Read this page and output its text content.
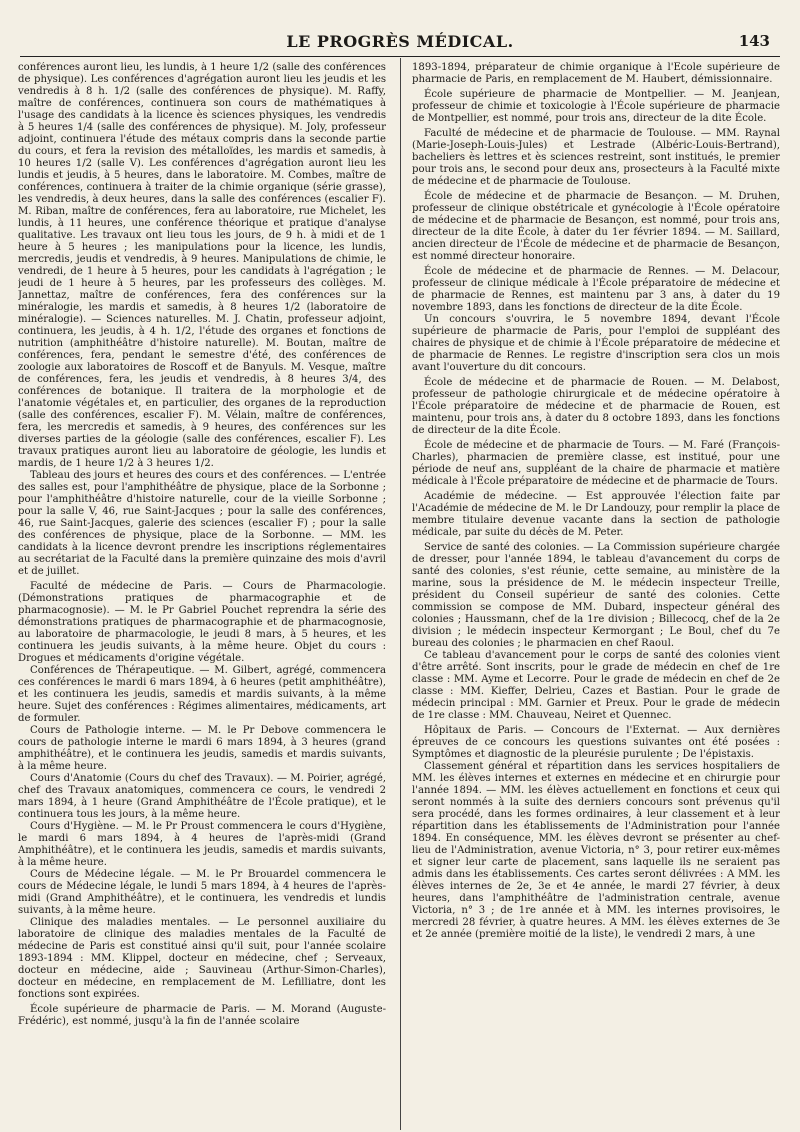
LE PROGRÈS MÉDICAL.	143

conférences auront lieu, les lundis, à 1 heure 1/2 (salle des conférences de physique). Les conférences d'agrégation auront lieu les jeudis et les vendredis à 8 h. 1/2 (salle des conférences de physique). M. Raffy, maître de conférences, continuera son cours de mathématiques à l'usage des candidats à la licence ès sciences physiques, les vendredis à 5 heures 1/4 (salle des conférences de physique). M. Joly, professeur adjoint, continuera l'étude des métaux compris dans la seconde partie du cours, et fera la revision des métalloïdes, les mardis et samedis, à 10 heures 1/2 (salle V). Les conférences d'agrégation auront lieu les lundis et jeudis, à 5 heures, dans le laboratoire. M. Combes, maître de conférences, continuera à traiter de la chimie organique (série grasse), les vendredis, à deux heures, dans la salle des conférences (escalier F). M. Riban, maître de conférences, fera au laboratoire, rue Michelet, les lundis, à 11 heures, une conférence théorique et pratique d'analyse qualitative. Les travaux ont lieu tous les jours, de 9 h. à midi et de 1 heure à 5 heures ; les manipulations pour la licence, les lundis, mercredis, jeudis et vendredis, à 9 heures. Manipulations de chimie, le vendredi, de 1 heure à 5 heures, pour les candidats à l'agrégation ; le jeudi de 1 heure à 5 heures, par les professeurs des collèges. M. Jannettaz, maître de conférences, fera des conférences sur la minéralogie, les mardis et samedis, à 8 heures 1/2 (laboratoire de minéralogie). — Sciences naturelles. M. J. Chatin, professeur adjoint, continuera, les jeudis, à 4 h. 1/2, l'étude des organes et fonctions de nutrition (amphithéâtre d'histoire naturelle). M. Boutan, maître de conférences, fera, pendant le semestre d'été, des conférences de zoologie aux laboratoires de Roscoff et de Banyuls. M. Vesque, maître de conférences, fera, les jeudis et vendredis, à 8 heures 3/4, des conférences de botanique. Il traitera de la morphologie et de l'anatomie végétales et, en particulier, des organes de la reproduction (salle des conférences, escalier F). M. Vélain, maître de conférences, fera, les mercredis et samedis, à 9 heures, des conférences sur les diverses parties de la géologie (salle des conférences, escalier F). Les travaux pratiques auront lieu au laboratoire de géologie, les lundis et mardis, de 1 heure 1/2 à 3 heures 1/2.

Tableau des jours et heures des cours et des conférences. — L'entrée des salles est, pour l'amphithéâtre de physique, place de la Sorbonne ; pour l'amphithéâtre d'histoire naturelle, cour de la vieille Sorbonne ; pour la salle V, 46, rue Saint-Jacques ; pour la salle des conférences, 46, rue Saint-Jacques, galerie des sciences (escalier F) ; pour la salle des conférences de physique, place de la Sorbonne. — MM. les candidats à la licence devront prendre les inscriptions réglementaires au secrétariat de la Faculté dans la première quinzaine des mois d'avril et de juillet.

Faculté de médecine de Paris. — Cours de Pharmacologie. (Démonstrations pratiques de pharmacographie et de pharmacognosie). — M. le Pr Gabriel Pouchet reprendra la série des démonstrations pratiques de pharmacographie et de pharmacognosie, au laboratoire de pharmacologie, le jeudi 8 mars, à 5 heures, et les continuera les jeudis suivants, à la même heure. Objet du cours : Drogues et médicaments d'origine végétale.

Conférences de Thérapeutique. — M. Gilbert, agrégé, commencera ces conférences le mardi 6 mars 1894, à 6 heures (petit amphithéâtre), et les continuera les jeudis, samedis et mardis suivants, à la même heure. Sujet des conférences : Régimes alimentaires, médicaments, art de formuler.

Cours de Pathologie interne. — M. le Pr Debove commencera le cours de pathologie interne le mardi 6 mars 1894, à 3 heures (grand amphithéâtre), et le continuera les jeudis, samedis et mardis suivants, à la même heure.

Cours d'Anatomie (Cours du chef des Travaux). — M. Poirier, agrégé, chef des Travaux anatomiques, commencera ce cours, le vendredi 2 mars 1894, à 1 heure (Grand Amphithéâtre de l'École pratique), et le continuera tous les jours, à la même heure.

Cours d'Hygiène. — M. le Pr Proust commencera le cours d'Hygiène, le mardi 6 mars 1894, à 4 heures de l'après-midi (Grand Amphithéâtre), et le continuera les jeudis, samedis et mardis suivants, à la même heure.

Cours de Médecine légale. — M. le Pr Brouardel commencera le cours de Médecine légale, le lundi 5 mars 1894, à 4 heures de l'après-midi (Grand Amphithéâtre), et le continuera, les vendredis et lundis suivants, à la même heure.

Clinique des maladies mentales. — Le personnel auxiliaire du laboratoire de clinique des maladies mentales de la Faculté de médecine de Paris est constitué ainsi qu'il suit, pour l'année scolaire 1893-1894 : MM. Klippel, docteur en médecine, chef ; Serveaux, docteur en médecine, aide ; Sauvineau (Arthur-Simon-Charles), docteur en médecine, en remplacement de M. Lefilliatre, dont les fonctions sont expirées.

École supérieure de pharmacie de Paris. — M. Morand (Auguste-Frédéric), est nommé, jusqu'à la fin de l'année scolaire

1893-1894, préparateur de chimie organique à l'École supérieure de pharmacie de Paris, en remplacement de M. Haubert, démissionnaire.

École supérieure de pharmacie de Montpellier. — M. Jeanjean, professeur de chimie et toxicologie à l'École supérieure de pharmacie de Montpellier, est nommé, pour trois ans, directeur de la dite École.

Faculté de médecine et de pharmacie de Toulouse. — MM. Raynal (Marie-Joseph-Louis-Jules) et Lestrade (Albéric-Louis-Bertrand), bacheliers ès lettres et ès sciences restreint, sont institués, le premier pour trois ans, le second pour deux ans, prosecteurs à la Faculté mixte de médecine et de pharmacie de Toulouse.

École de médecine et de pharmacie de Besançon. — M. Druhen, professeur de clinique obstétricale et gynécologie à l'École opératoire de médecine et de pharmacie de Besançon, est nommé, pour trois ans, directeur de la dite École, à dater du 1er février 1894. — M. Saillard, ancien directeur de l'École de médecine et de pharmacie de Besançon, est nommé directeur honoraire.

École de médecine et de pharmacie de Rennes. — M. Delacour, professeur de clinique médicale à l'École préparatoire de médecine et de pharmacie de Rennes, est maintenu par 3 ans, à dater du 19 novembre 1893, dans les fonctions de directeur de la dite École.

Un concours s'ouvrira, le 5 novembre 1894, devant l'École supérieure de pharmacie de Paris, pour l'emploi de suppléant des chaires de physique et de chimie à l'École préparatoire de médecine et de pharmacie de Rennes. Le registre d'inscription sera clos un mois avant l'ouverture du dit concours.

École de médecine et de pharmacie de Rouen. — M. Delabost, professeur de pathologie chirurgicale et de médecine opératoire à l'École préparatoire de médecine et de pharmacie de Rouen, est maintenu, pour trois ans, à dater du 8 octobre 1893, dans les fonctions de directeur de la dite École.

École de médecine et de pharmacie de Tours. — M. Faré (François-Charles), pharmacien de première classe, est institué, pour une période de neuf ans, suppléant de la chaire de pharmacie et matière médicale à l'École préparatoire de médecine et de pharmacie de Tours.

Académie de médecine. — Est approuvée l'élection faite par l'Académie de médecine de M. le Dr Landouzy, pour remplir la place de membre titulaire devenue vacante dans la section de pathologie médicale, par suite du décès de M. Peter.

Service de santé des colonies. — La Commission supérieure chargée de dresser, pour l'année 1894, le tableau d'avancement du corps de santé des colonies, s'est réunie, cette semaine, au ministère de la marine, sous la présidence de M. le médecin inspecteur Treille, président du Conseil supérieur de santé des colonies. Cette commission se compose de MM. Dubard, inspecteur général des colonies ; Haussmann, chef de la 1re division ; Billecocq, chef de la 2e division ; le médecin inspecteur Kermorgant ; Le Boul, chef du 7e bureau des colonies ; le pharmacien en chef Raoul.

Ce tableau d'avancement pour le corps de santé des colonies vient d'être arrêté. Sont inscrits, pour le grade de médecin en chef de 1re classe : MM. Ayme et Lecorre. Pour le grade de médecin en chef de 2e classe : MM. Kieffer, Delrieu, Cazes et Bastian. Pour le grade de médecin principal : MM. Garnier et Preux. Pour le grade de médecin de 1re classe : MM. Chauveau, Neiret et Quennec.

Hôpitaux de Paris. — Concours de l'Externat. — Aux dernières épreuves de ce concours les questions suivantes ont été posées : Symptômes et diagnostic de la pleurésie purulente ; De l'épistaxis.

Classement général et répartition dans les services hospitaliers de MM. les élèves internes et externes en médecine et en chirurgie pour l'année 1894. — MM. les élèves actuellement en fonctions et ceux qui seront nommés à la suite des derniers concours sont prévenus qu'il sera procédé, dans les formes ordinaires, à leur classement et à leur répartition dans les établissements de l'Administration pour l'année 1894. En conséquence, MM. les élèves devront se présenter au chef-lieu de l'Administration, avenue Victoria, n° 3, pour retirer eux-mêmes et signer leur carte de placement, sans laquelle ils ne seraient pas admis dans les établissements. Ces cartes seront délivrées : A MM. les élèves internes de 2e, 3e et 4e année, le mardi 27 février, à deux heures, dans l'amphithéâtre de l'administration centrale, avenue Victoria, n° 3 ; de 1re année et à MM. les internes provisoires, le mercredi 28 février, à quatre heures. A MM. les élèves externes de 3e et 2e année (première moitié de la liste), le vendredi 2 mars, à une
